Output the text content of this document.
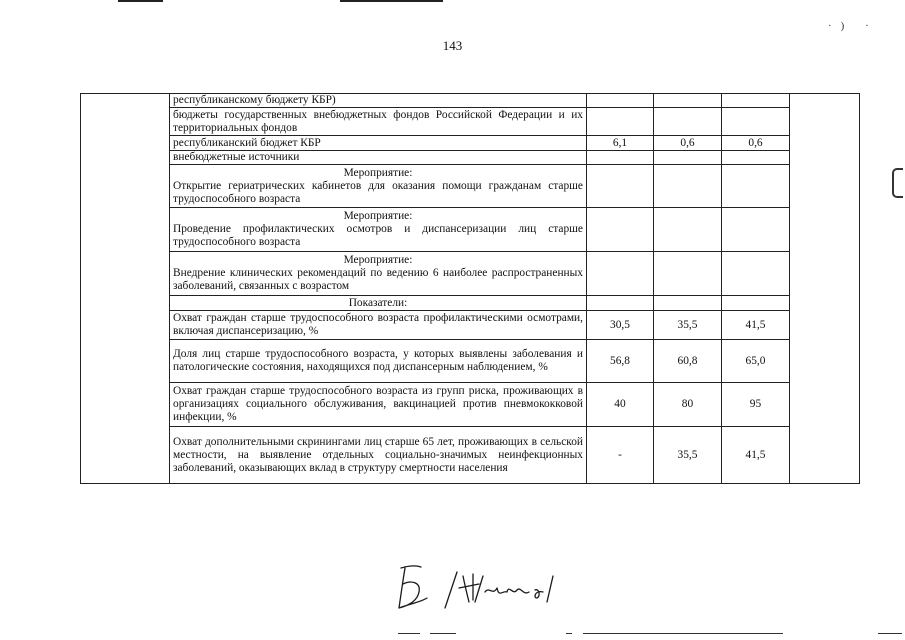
143
·) ·
	республиканскому бюджету КБР)				
	бюджеты государственных внебюджетных фондов Российской Федерации и их территориальных фондов				
	республиканский бюджет КБР	6,1	0,6	0,6	
	внебюджетные источники				

	Мероприятие:
Открытие гериатрических кабинетов для оказания помощи гражданам старше трудоспособного возраста				

	Мероприятие:
Проведение профилактических осмотров и диспансеризации лиц старше трудоспособного возраста				

	Мероприятие:
Внедрение клинических рекомендаций по ведению 6 наиболее распространенных заболеваний, связанных с возрастом				

	Показатели:				
	Охват граждан старше трудоспособного возраста профилактическими осмотрами, включая диспансеризацию, %	30,5	35,5	41,5	
	Доля лиц старше трудоспособного возраста, у которых выявлены заболевания и патологические состояния, находящихся под диспансерным наблюдением, %	56,8	60,8	65,0	
	Охват граждан старше трудоспособного возраста из групп риска, проживающих в организациях социального обслуживания, вакцинацией против пневмококковой инфекции, %	40	80	95	
	Охват дополнительными скринингами лиц старше 65 лет, проживающих в сельской местности, на выявление отдельных социально-значимых неинфекционных заболеваний, оказывающих вклад в структуру смертности населения	-	35,5	41,5	
